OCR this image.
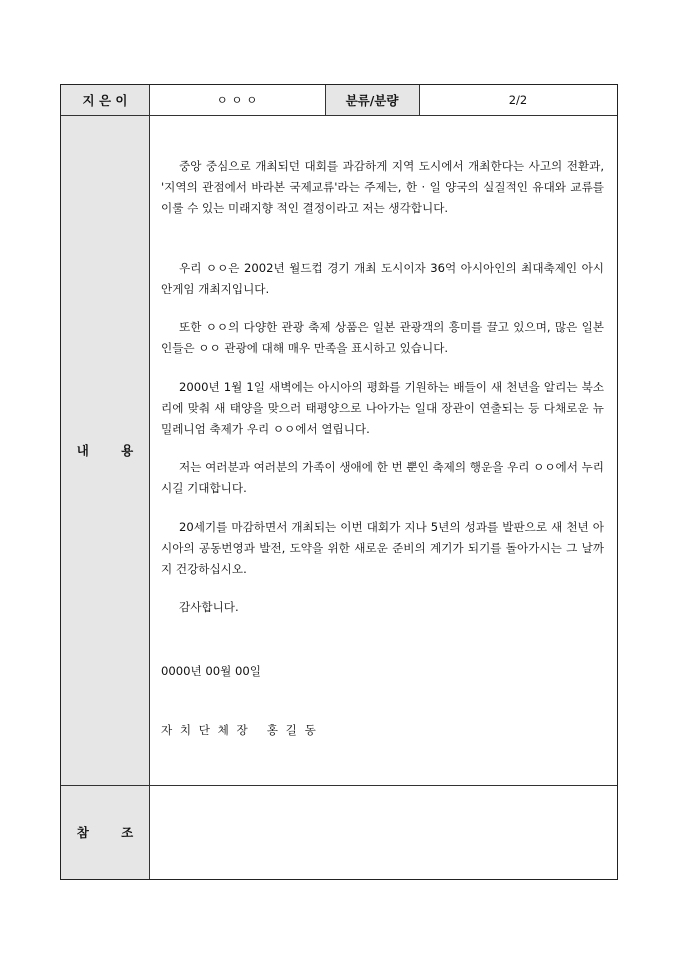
지 은 이	ㅇ ㅇ ㅇ	분류/분량	2/2
내 용

중앙 중심으로 개최되던 대회를 과감하게 지역 도시에서 개최한다는 사고의 전환과, '지역의 관점에서 바라본 국제교류'라는 주제는, 한 · 일 양국의 실질적인 유대와 교류를 이룰 수 있는 미래지향 적인 결정이라고 저는 생각합니다.

우리 ㅇㅇ은 2002년 월드컵 경기 개최 도시이자 36억 아시아인의 최대축제인 아시안게임 개최지입니다.

또한 ㅇㅇ의 다양한 관광 축제 상품은 일본 관광객의 흥미를 끌고 있으며, 많은 일본인들은 ㅇㅇ 관광에 대해 매우 만족을 표시하고 있습니다.

2000년 1월 1일 새벽에는 아시아의 평화를 기원하는 배들이 새 천년을 알리는 북소리에 맞춰 새 태양을 맞으러 태평양으로 나아가는 일대 장관이 연출되는 등 다채로운 뉴 밀레니엄 축제가 우리 ㅇㅇ에서 열립니다.

저는 여러분과 여러분의 가족이 생애에 한 번 뿐인 축제의 행운을 우리 ㅇㅇ에서 누리시길 기대합니다.

20세기를 마감하면서 개최되는 이번 대회가 지나 5년의 성과를 발판으로 새 천년 아시아의 공동번영과 발전, 도약을 위한 새로운 준비의 계기가 되기를 돌아가시는 그 날까지 건강하십시오.

감사합니다.

0000년 00월 00일

자 치 단 체 장   홍 길 동

참 조
